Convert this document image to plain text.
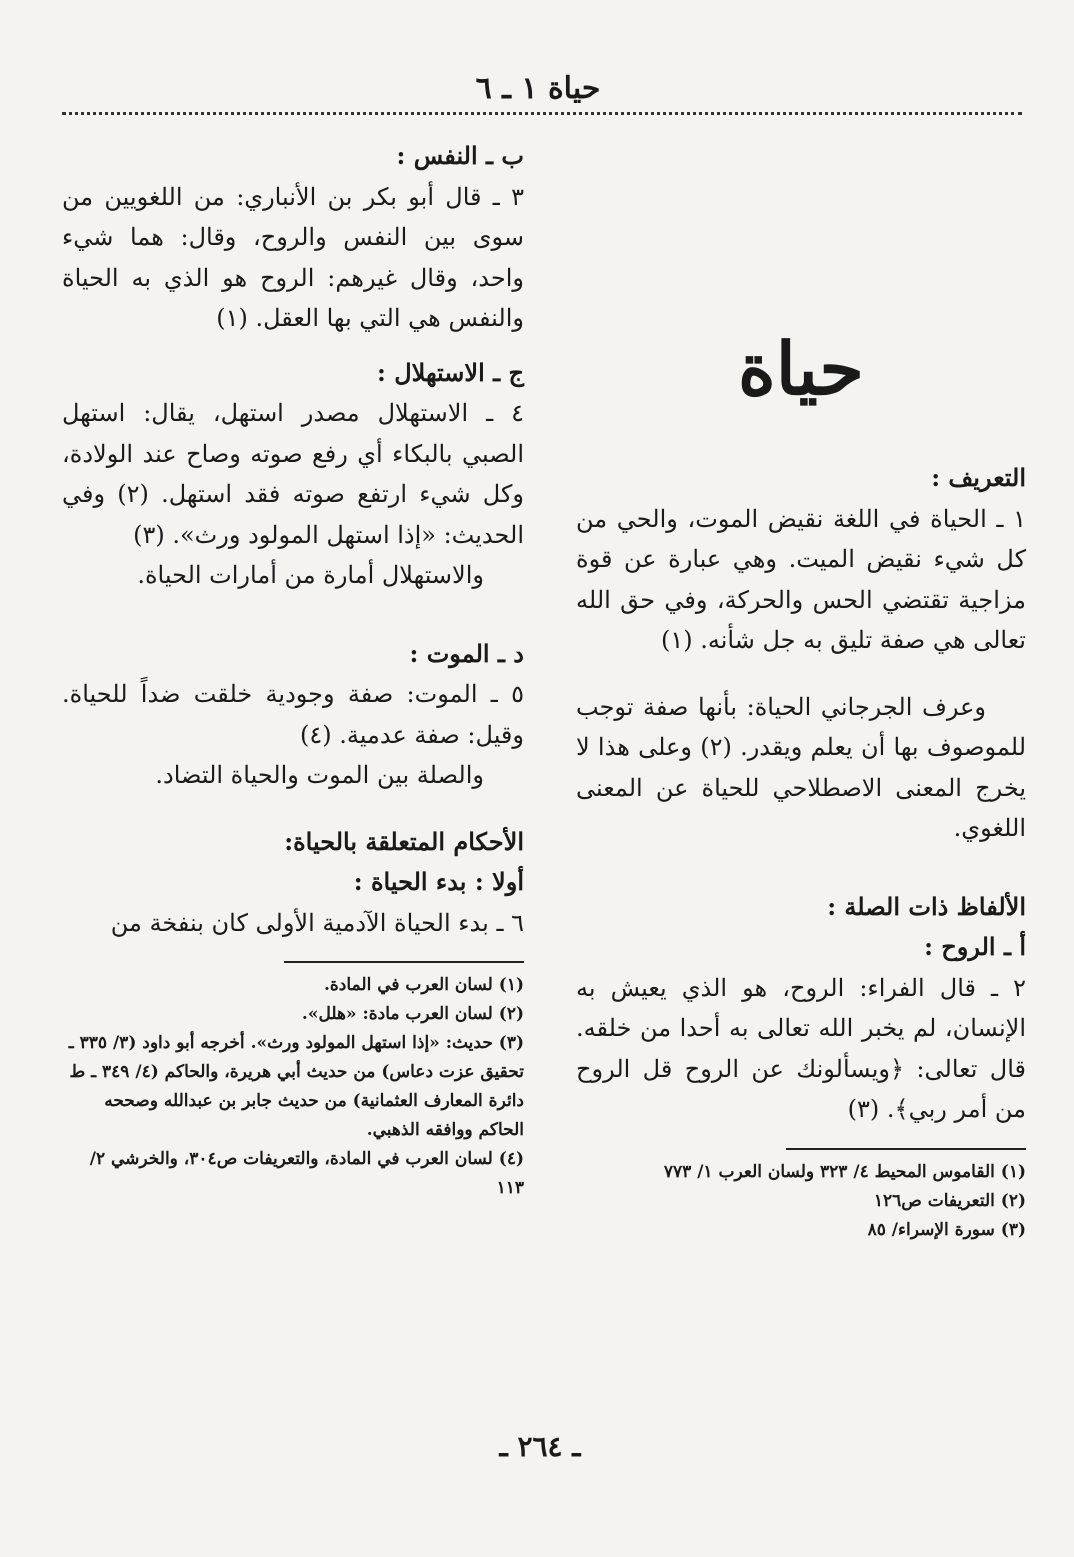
حياة ١ ـ ٦

حياة

التعريف :

١ ـ الحياة في اللغة نقيض الموت، والحي من كل شيء نقيض الميت. وهي عبارة عن قوة مزاجية تقتضي الحس والحركة، وفي حق الله تعالى هي صفة تليق به جل شأنه. (١)

وعرف الجرجاني الحياة: بأنها صفة توجب للموصوف بها أن يعلم ويقدر. (٢) وعلى هذا لا يخرج المعنى الاصطلاحي للحياة عن المعنى اللغوي.

الألفاظ ذات الصلة :

أ ـ الروح :

٢ ـ قال الفراء: الروح، هو الذي يعيش به الإنسان، لم يخبر الله تعالى به أحدا من خلقه. قال تعالى: ﴿ويسألونك عن الروح قل الروح من أمر ربي﴾. (٣)

(١) القاموس المحيط ٤/ ٣٢٣ ولسان العرب ١/ ٧٧٣

(٢) التعريفات ص١٢٦

(٣) سورة الإسراء/ ٨٥

ب ـ النفس :

٣ ـ قال أبو بكر بن الأنباري: من اللغويين من سوى بين النفس والروح، وقال: هما شيء واحد، وقال غيرهم: الروح هو الذي به الحياة والنفس هي التي بها العقل. (١)

ج ـ الاستهلال :

٤ ـ الاستهلال مصدر استهل، يقال: استهل الصبي بالبكاء أي رفع صوته وصاح عند الولادة، وكل شيء ارتفع صوته فقد استهل. (٢) وفي الحديث: «إذا استهل المولود ورث». (٣)

والاستهلال أمارة من أمارات الحياة.

د ـ الموت :

٥ ـ الموت: صفة وجودية خلقت ضداً للحياة. وقيل: صفة عدمية. (٤)

والصلة بين الموت والحياة التضاد.

الأحكام المتعلقة بالحياة:

أولا : بدء الحياة :

٦ ـ بدء الحياة الآدمية الأولى كان بنفخة من

(١) لسان العرب في المادة.

(٢) لسان العرب مادة: «هلل».

(٣) حديث: «إذا استهل المولود ورث». أخرجه أبو داود (٣/ ٣٣٥ ـ تحقيق عزت دعاس) من حديث أبي هريرة، والحاكم (٤/ ٣٤٩ ـ ط دائرة المعارف العثمانية) من حديث جابر بن عبدالله وصححه الحاكم ووافقه الذهبي.

(٤) لسان العرب في المادة، والتعريفات ص٣٠٤، والخرشي ٢/ ١١٣

ـ ٢٦٤ ـ
